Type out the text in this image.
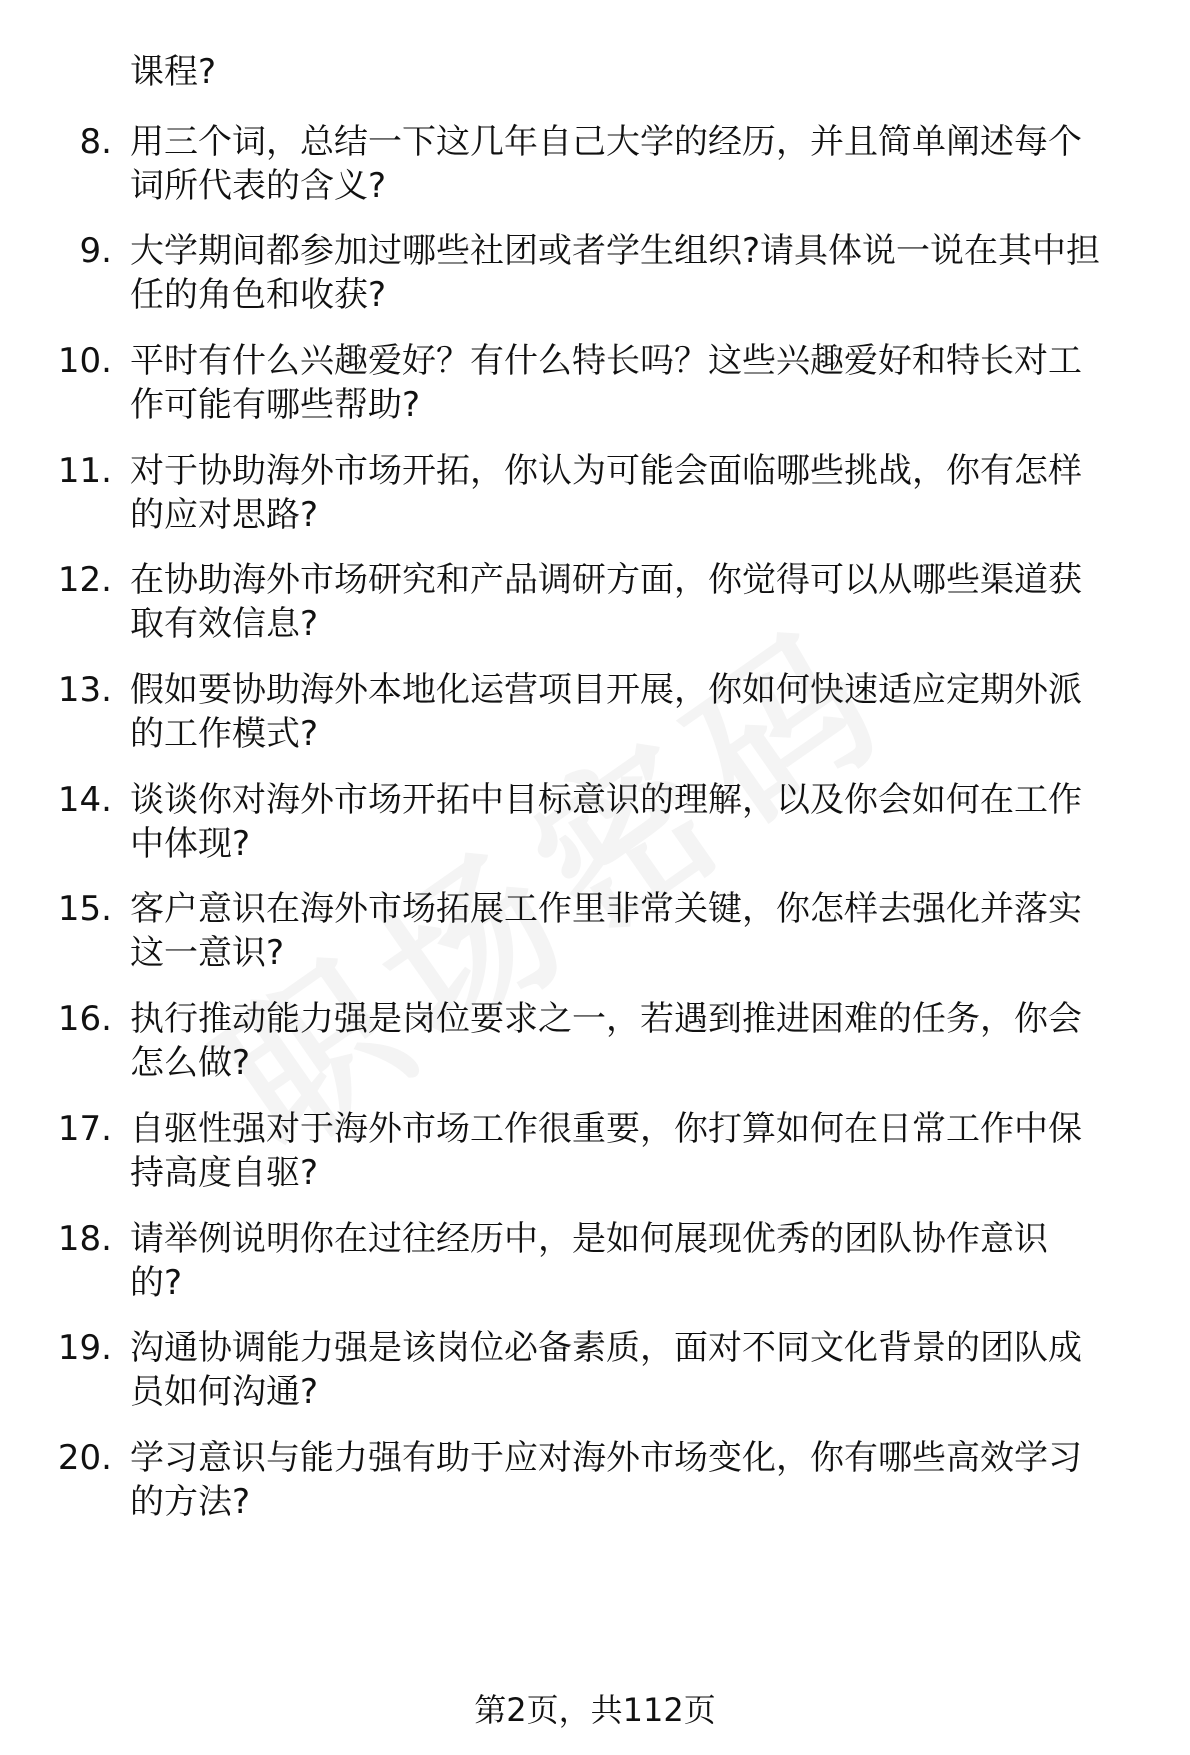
课程?
8. 用三个词，总结一下这几年自己大学的经历，并且简单阐述每个
词所代表的含义?
9. 大学期间都参加过哪些社团或者学生组织?请具体说一说在其中担
任的角色和收获?
10. 平时有什么兴趣爱好？有什么特长吗？这些兴趣爱好和特长对工
作可能有哪些帮助?
11. 对于协助海外市场开拓，你认为可能会面临哪些挑战，你有怎样
的应对思路?
12. 在协助海外市场研究和产品调研方面，你觉得可以从哪些渠道获
取有效信息?
13. 假如要协助海外本地化运营项目开展，你如何快速适应定期外派
的工作模式?
14. 谈谈你对海外市场开拓中目标意识的理解，以及你会如何在工作
中体现?
15. 客户意识在海外市场拓展工作里非常关键，你怎样去强化并落实
这一意识?
16. 执行推动能力强是岗位要求之一，若遇到推进困难的任务，你会
怎么做?
17. 自驱性强对于海外市场工作很重要，你打算如何在日常工作中保
持高度自驱?
18. 请举例说明你在过往经历中，是如何展现优秀的团队协作意识
的?
19. 沟通协调能力强是该岗位必备素质，面对不同文化背景的团队成
员如何沟通?
20. 学习意识与能力强有助于应对海外市场变化，你有哪些高效学习
的方法?
第2页，共112页
